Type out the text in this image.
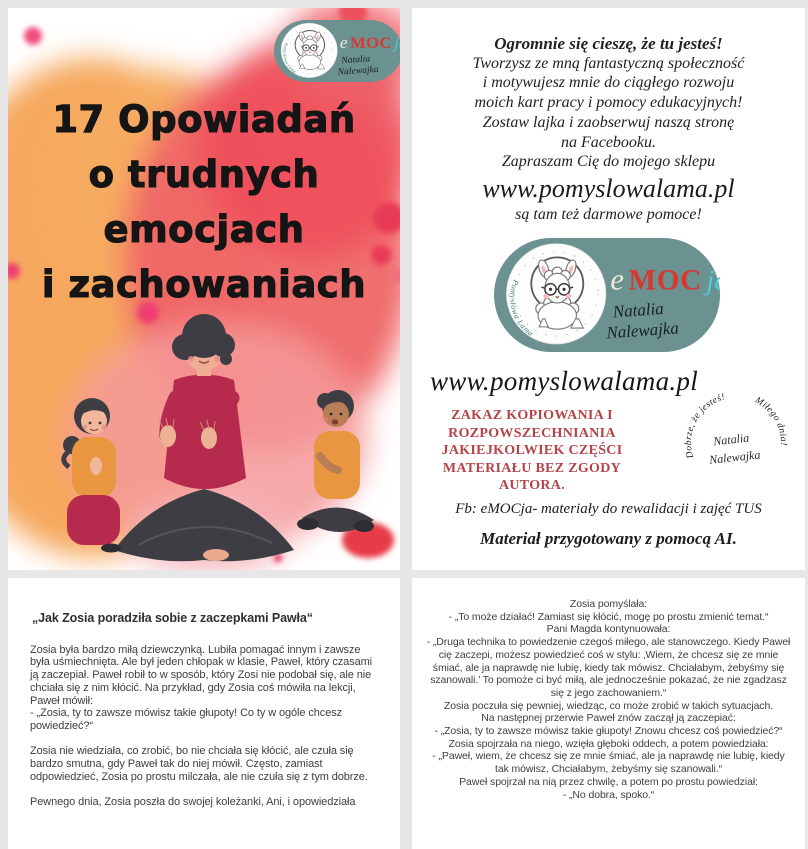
17 Opowiadań
o trudnych
emocjach
i zachowaniach
Ogromnie się cieszę, że tu jesteś!
Tworzysz ze mną fantastyczną społeczność
i motywujesz mnie do ciągłego rozwoju
moich kart pracy i pomocy edukacyjnych!
Zostaw lajka i zaobserwuj naszą stronę
na Facebooku.
Zapraszam Cię do mojego sklepu
www.pomyslowalama.pl
są tam też darmowe pomoce!
www.pomyslowalama.pl
ZAKAZ KOPIOWANIA I
ROZPOWSZECHNIANIA
JAKIEJKOLWIEK CZĘŚCI
MATERIAŁU BEZ ZGODY
AUTORA.
Dobrze, że jesteś!	Miłego dnia!
Natalia
Nalewajka
Fb: eMOCja- materiały do rewalidacji i zajęć TUS
Materiał przygotowany z pomocą AI.
„Jak Zosia poradziła sobie z zaczepkami Pawła“

Zosia była bardzo miłą dziewczynką. Lubiła pomagać innym i zawsze była uśmiechnięta. Ale był jeden chłopak w klasie, Paweł, który czasami ją zaczepiał. Paweł robił to w sposób, który Zosi nie podobał się, ale nie chciała się z nim kłócić. Na przykład, gdy Zosia coś mówiła na lekcji, Paweł mówił:

- „Zosia, ty to zawsze mówisz takie głupoty! Co ty w ogóle chcesz powiedzieć?“

Zosia nie wiedziała, co zrobić, bo nie chciała się kłócić, ale czuła się bardzo smutna, gdy Paweł tak do niej mówił. Często, zamiast odpowiedzieć, Zosia po prostu milczała, ale nie czuła się z tym dobrze.

Pewnego dnia, Zosia poszła do swojej koleżanki, Ani, i opowiedziała

Zosia pomyślała:
- „To może działać! Zamiast się kłócić, mogę po prostu zmienić temat.“
Pani Magda kontynuowała:
- „Druga technika to powiedzenie czegoś miłego, ale stanowczego. Kiedy Paweł cię zaczepi, możesz powiedzieć coś w stylu: ‚Wiem, że chcesz się ze mnie śmiać, ale ja naprawdę nie lubię, kiedy tak mówisz. Chciałabym, żebyśmy się szanowali.’ To pomoże ci być miłą, ale jednocześnie pokazać, że nie zgadzasz się z jego zachowaniem.“
Zosia poczuła się pewniej, wiedząc, co może zrobić w takich sytuacjach.
Na następnej przerwie Paweł znów zaczął ją zaczepiać:
- „Zosia, ty to zawsze mówisz takie głupoty! Znowu chcesz coś powiedzieć?“
Zosia spojrzała na niego, wzięła głęboki oddech, a potem powiedziała:
- „Paweł, wiem, że chcesz się ze mnie śmiać, ale ja naprawdę nie lubię, kiedy tak mówisz. Chciałabym, żebyśmy się szanowali.“
Paweł spojrzał na nią przez chwilę, a potem po prostu powiedział:
- „No dobra, spoko.“
